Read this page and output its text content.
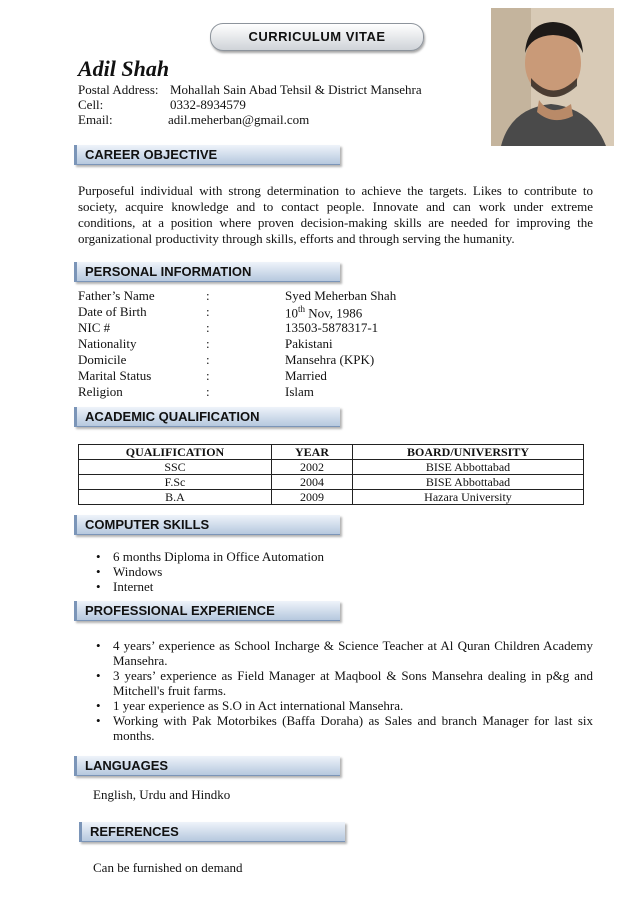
CURRICULUM VITAE
Adil Shah
Postal Address: Mohallah Sain Abad Tehsil & District Mansehra
Cell:	0332-8934579
Email:	adil.meherban@gmail.com
CAREER OBJECTIVE
Purposeful individual with strong determination to achieve the targets. Likes to contribute to society, acquire knowledge and to contact people. Innovate and can work under extreme conditions, at a position where proven decision-making skills are needed for improving the organizational productivity through skills, efforts and through serving the humanity.
PERSONAL INFORMATION
Father’s Name	:	Syed Meherban Shah
Date of Birth	:	10th Nov, 1986
NIC #	:	13503-5878317-1
Nationality	:	Pakistani
Domicile	:	Mansehra (KPK)
Marital Status	:	Married
Religion	:	Islam
ACADEMIC QUALIFICATION
QUALIFICATION	YEAR	BOARD/UNIVERSITY
SSC	2002	BISE Abbottabad
F.Sc	2004	BISE Abbottabad
B.A	2009	Hazara University
COMPUTER SKILLS
• 6 months Diploma in Office Automation
• Windows
• Internet
PROFESSIONAL EXPERIENCE
• 4 years’ experience as School Incharge & Science Teacher at Al Quran Children Academy Mansehra.
• 3 years’ experience as Field Manager at Maqbool & Sons Mansehra dealing in p&g and Mitchell's fruit farms.
• 1 year experience as S.O in Act international Mansehra.
• Working with Pak Motorbikes (Baffa Doraha) as Sales and branch Manager for last six months.
LANGUAGES
English, Urdu and Hindko
REFERENCES
Can be furnished on demand
